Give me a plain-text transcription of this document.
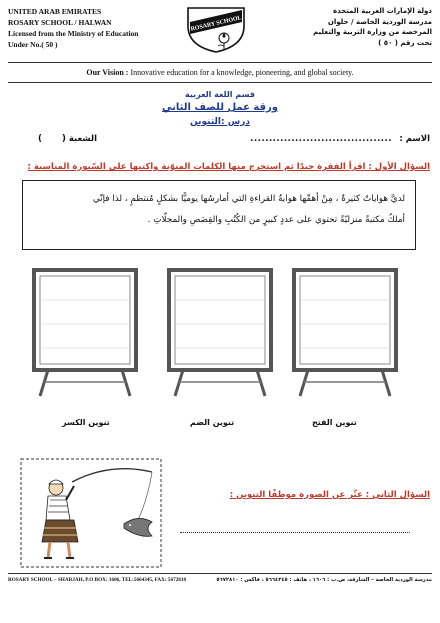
UNITED ARAB EMIRATES
ROSARY SCHOOL / HALWAN
Licensed from the Ministry of Education
Under No.( 50 )
ROSARY SCHOOL
دولة الإمارات العربية المتحدة
مدرسة الوردية الخاصة / حلوان
المرخصة من وزارة التربية والتعليم
تحت رقم ( ٥٠ )
Our Vision : Innovative education for a knowledge, pioneering, and global society.
قسم اللغة العربية
ورقة عمل للصف الثاني
درس :التنوين
الاسم :
......................................
الشعبة (
)
السؤال الأول : اقرأ الفقرة جيدًا ثم استخرج منها الكلمات المنوّنة واكتبها على السّبورة المناسبة :
لديَّ هواياتٌ كثيرةٌ ، مِنْ أهمِّها هوايةُ القراءةِ التي أمارسُها يوميًّا بشكلٍ مُنتظمٍ ، لذا فإنّي
أملكُ مكتبةً منزليّةً تحتوي على عددٍ كبيرٍ من الكُتُبِ والقِصَصِ والمجلّاتِ .
تنوين الكسر	تنوين الضم	تنوين الفتح
السؤال الثاني : عبِّر عن الصورة موظفًا التنوين :
ROSARY SCHOOL – SHARJAH, P.O BOX: 1606, TEL:5664345, FAX: 5672810	مدرسة الوردية الخاصة – الشارقة، ص.ب : ١٦٠٦ ، هاتف : ٥٦٦٤٣٤٥ ، فاكس : ٥٦٧٢٨١٠
